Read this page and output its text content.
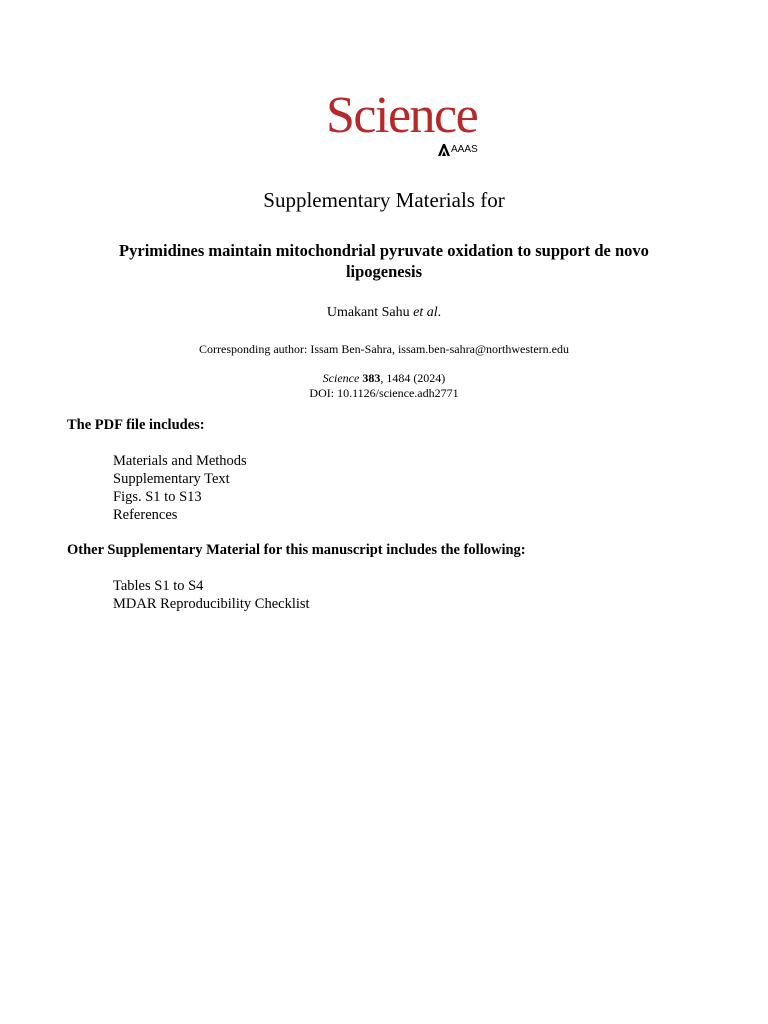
Science
AAAS
Supplementary Materials for
Pyrimidines maintain mitochondrial pyruvate oxidation to support de novo lipogenesis
Umakant Sahu et al.
Corresponding author: Issam Ben-Sahra, issam.ben-sahra@northwestern.edu
Science 383, 1484 (2024)
DOI: 10.1126/science.adh2771
The PDF file includes:
Materials and Methods
Supplementary Text
Figs. S1 to S13
References
Other Supplementary Material for this manuscript includes the following:
Tables S1 to S4
MDAR Reproducibility Checklist
